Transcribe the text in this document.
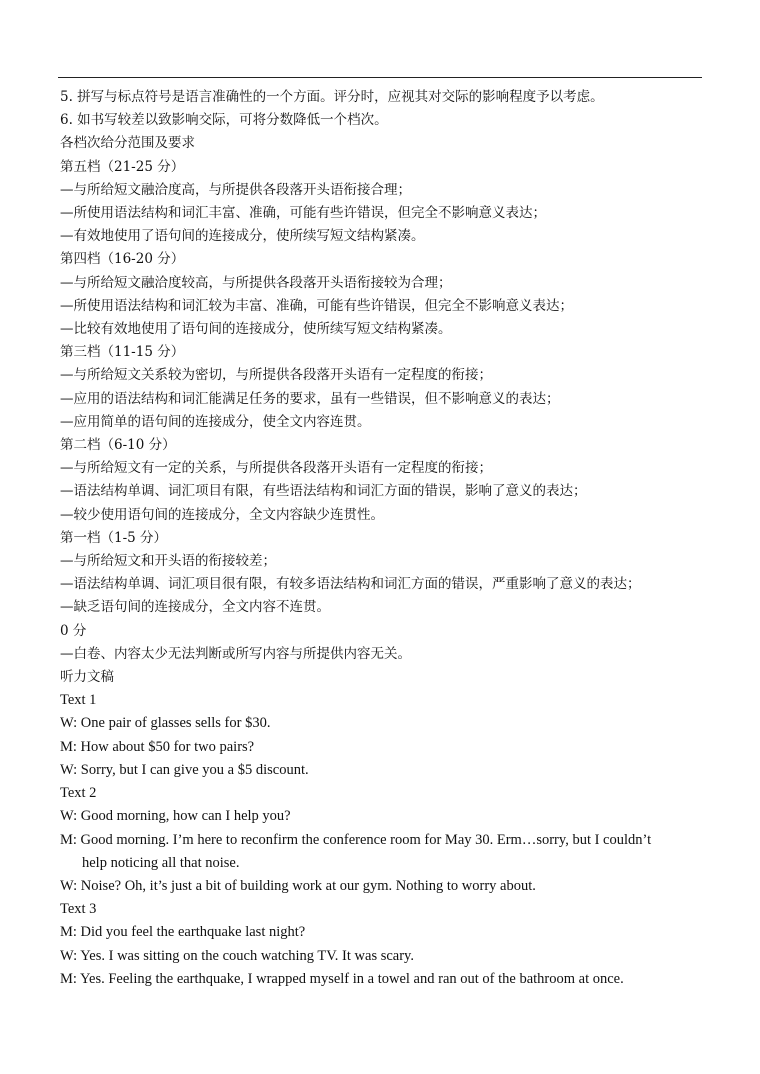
5. 拼写与标点符号是语言准确性的一个方面。评分时，应视其对交际的影响程度予以考虑。
6. 如书写较差以致影响交际，可将分数降低一个档次。
各档次给分范围及要求
第五档（21-25 分）
—与所给短文融洽度高，与所提供各段落开头语衔接合理；
—所使用语法结构和词汇丰富、准确，可能有些许错误，但完全不影响意义表达；
—有效地使用了语句间的连接成分，使所续写短文结构紧凑。
第四档（16-20 分）
—与所给短文融洽度较高，与所提供各段落开头语衔接较为合理；
—所使用语法结构和词汇较为丰富、准确，可能有些许错误，但完全不影响意义表达；
—比较有效地使用了语句间的连接成分，使所续写短文结构紧凑。
第三档（11-15 分）
—与所给短文关系较为密切，与所提供各段落开头语有一定程度的衔接；
—应用的语法结构和词汇能满足任务的要求，虽有一些错误，但不影响意义的表达；
—应用简单的语句间的连接成分，使全文内容连贯。
第二档（6-10 分）
—与所给短文有一定的关系，与所提供各段落开头语有一定程度的衔接；
—语法结构单调、词汇项目有限，有些语法结构和词汇方面的错误，影响了意义的表达；
—较少使用语句间的连接成分，全文内容缺少连贯性。
第一档（1-5 分）
—与所给短文和开头语的衔接较差；
—语法结构单调、词汇项目很有限，有较多语法结构和词汇方面的错误，严重影响了意义的表达；
—缺乏语句间的连接成分，全文内容不连贯。
0 分
—白卷、内容太少无法判断或所写内容与所提供内容无关。
听力文稿
Text 1
W: One pair of glasses sells for $30.
M: How about $50 for two pairs?
W: Sorry, but I can give you a $5 discount.
Text 2
W: Good morning, how can I help you?
M: Good morning. I’m here to reconfirm the conference room for May 30. Erm…sorry, but I couldn’t
help noticing all that noise.
W: Noise? Oh, it’s just a bit of building work at our gym. Nothing to worry about.
Text 3
M: Did you feel the earthquake last night?
W: Yes. I was sitting on the couch watching TV. It was scary.
M: Yes. Feeling the earthquake, I wrapped myself in a towel and ran out of the bathroom at once.
